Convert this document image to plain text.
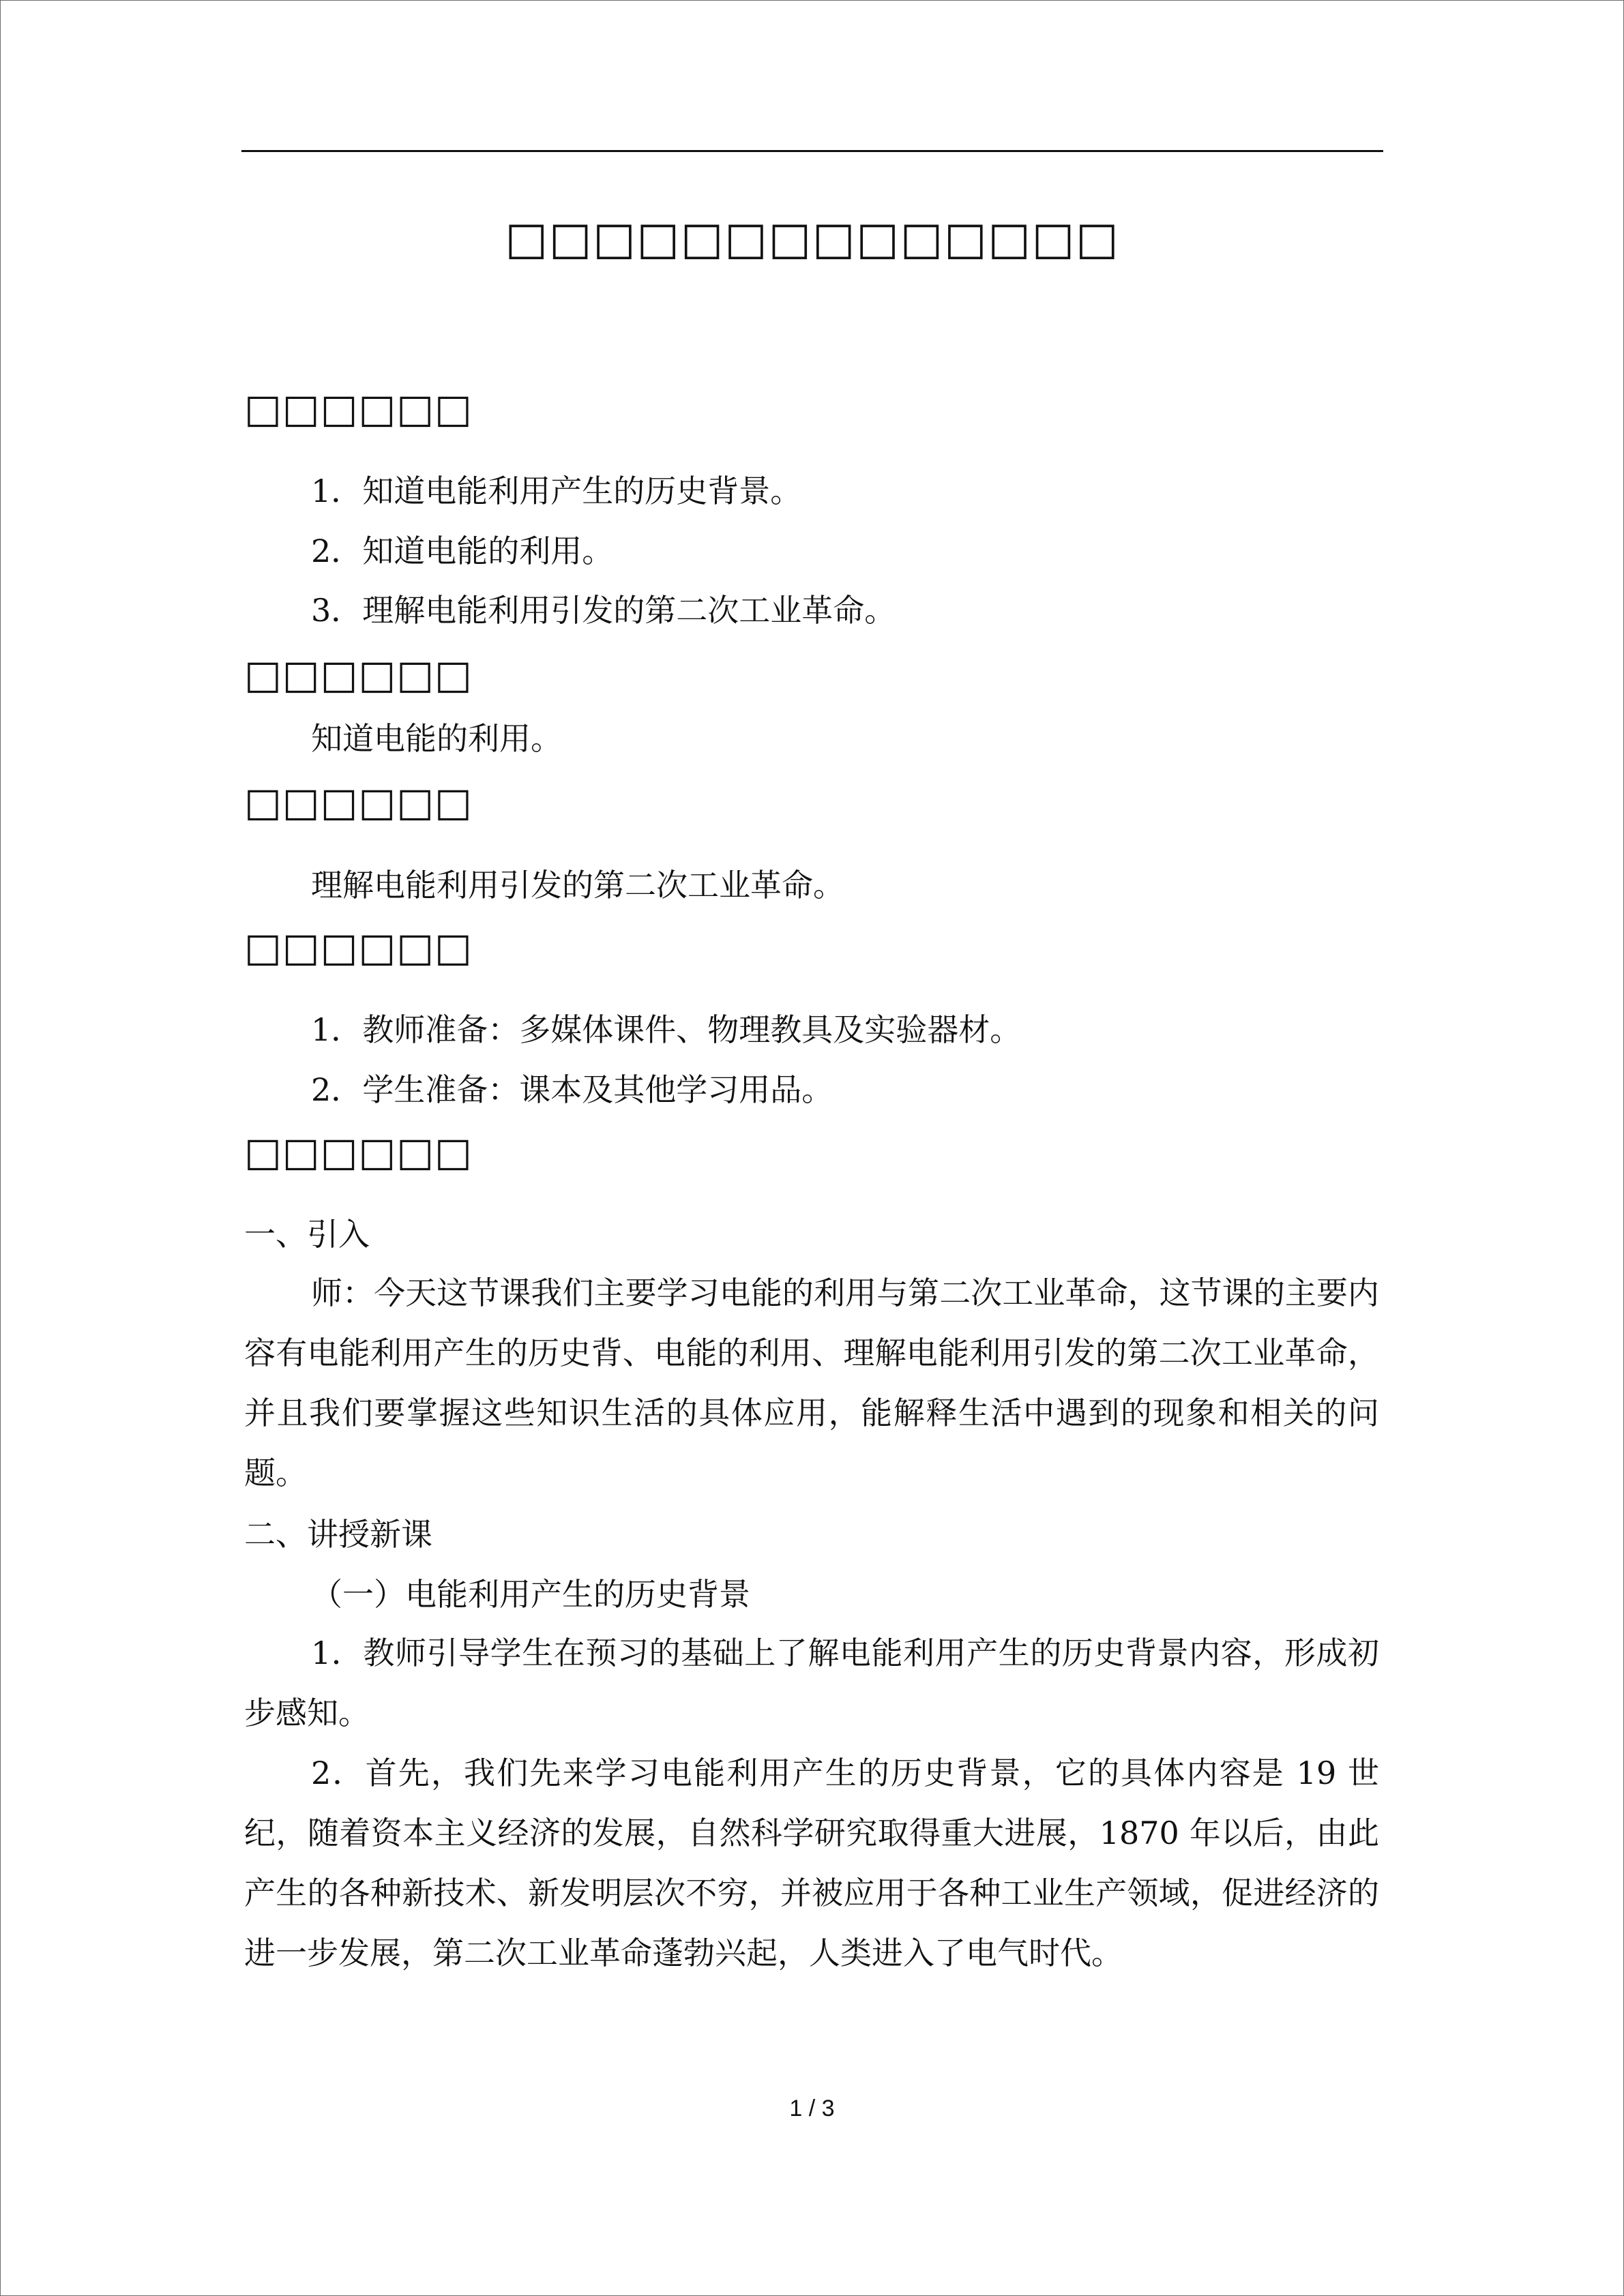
□□□□□□□□□□□□□□
□□□□□□
1．知道电能利用产生的历史背景。
2．知道电能的利用。
3．理解电能利用引发的第二次工业革命。
□□□□□□
知道电能的利用。
□□□□□□
理解电能利用引发的第二次工业革命。
□□□□□□
1．教师准备：多媒体课件、物理教具及实验器材。
2．学生准备：课本及其他学习用品。
□□□□□□
一、引入
师：今天这节课我们主要学习电能的利用与第二次工业革命，这节课的主要内容有电能利用产生的历史背、电能的利用、理解电能利用引发的第二次工业革命，并且我们要掌握这些知识生活的具体应用，能解释生活中遇到的现象和相关的问题。
二、讲授新课
（一）电能利用产生的历史背景
1．教师引导学生在预习的基础上了解电能利用产生的历史背景内容，形成初步感知。
2．首先，我们先来学习电能利用产生的历史背景，它的具体内容是 19 世纪，随着资本主义经济的发展，自然科学研究取得重大进展，1870 年以后，由此产生的各种新技术、新发明层次不穷，并被应用于各种工业生产领域，促进经济的进一步发展，第二次工业革命蓬勃兴起，人类进入了电气时代。
1 / 3
